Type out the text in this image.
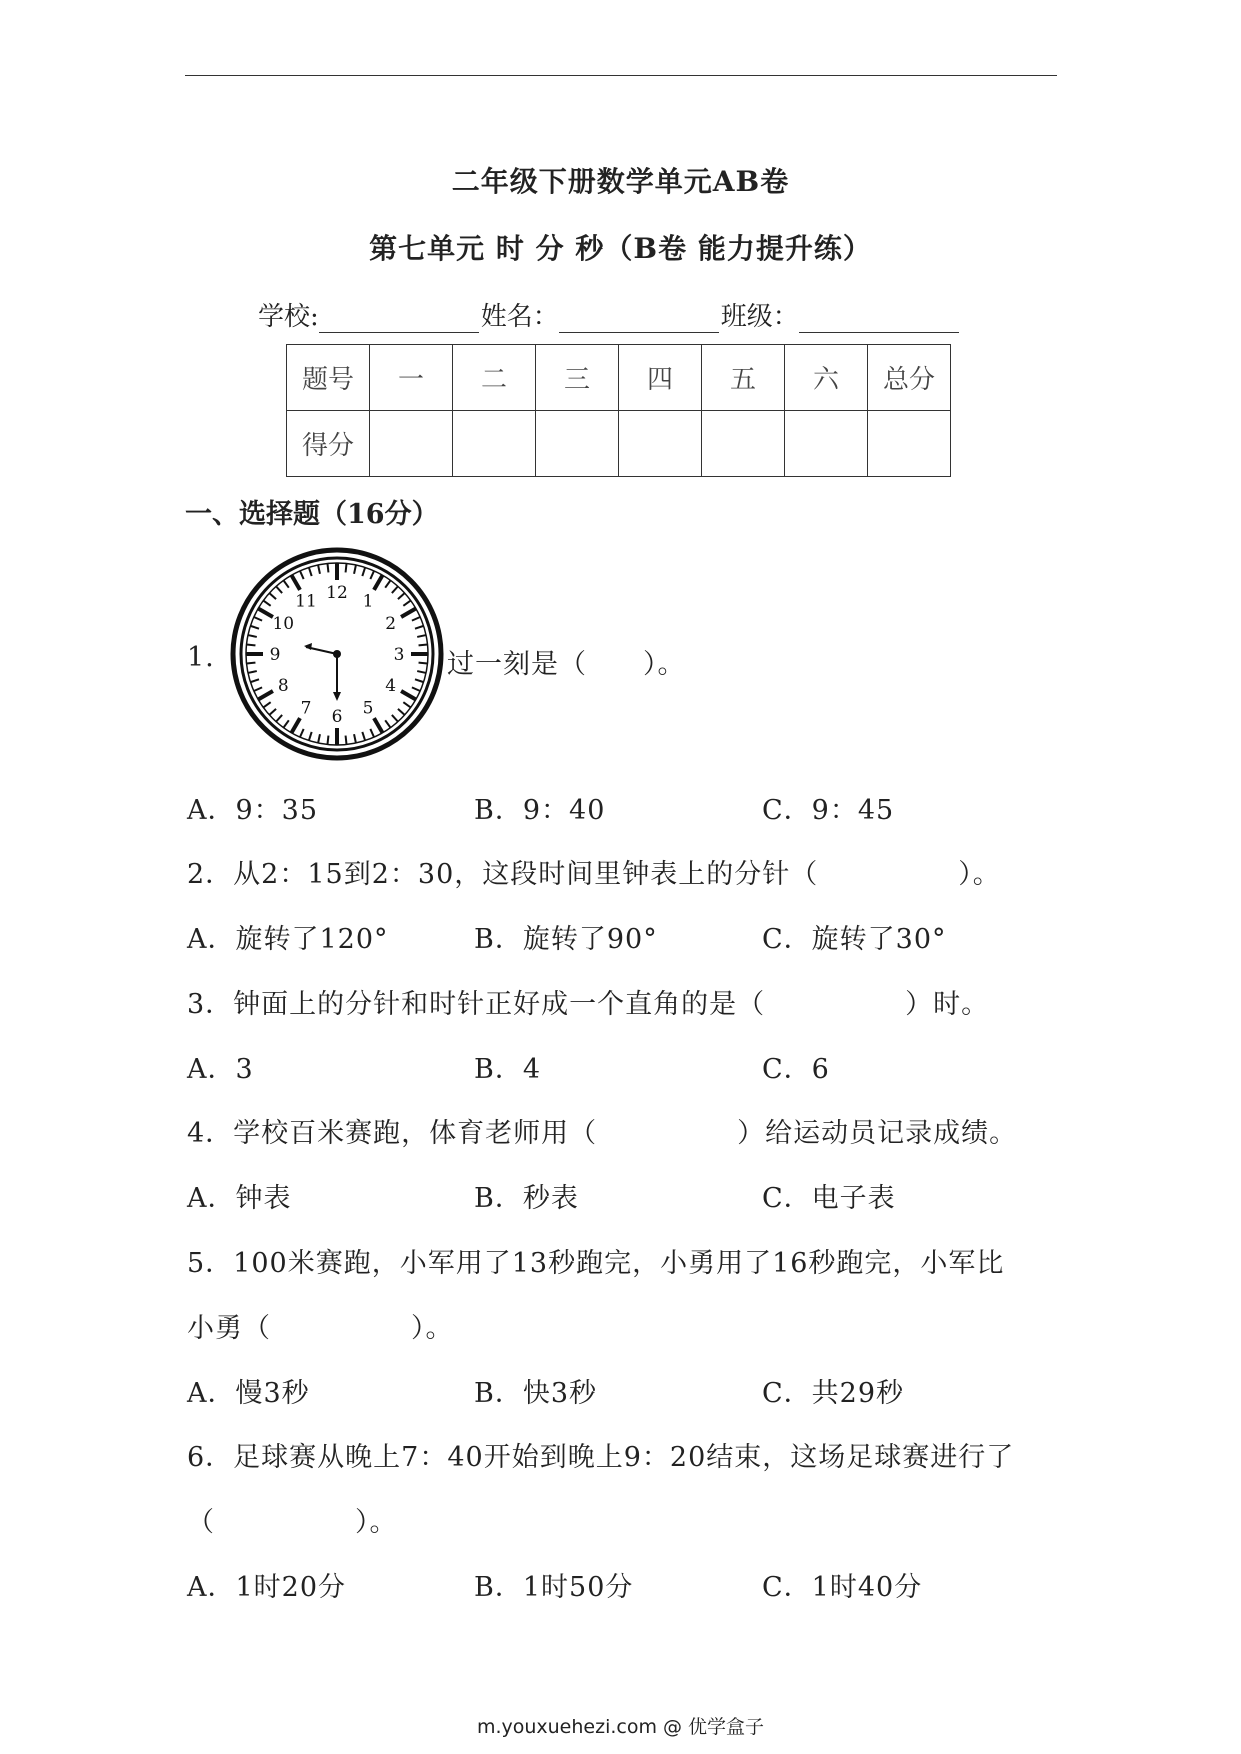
二年级下册数学单元AB卷
第七单元 时 分 秒（B卷 能力提升练）
学校:	姓名：	班级：
题号	一	二	三	四	五	六	总分
得分							
一、选择题（16分）
1.
12 1
2
3
4
5
6
7
8
9
10
11
过一刻是（　　）。
A．9：35	B．9：40	C．9：45
2．从2：15到2：30，这段时间里钟表上的分针（　　　　　）。
A．旋转了120°	B．旋转了90°	C．旋转了30°
3．钟面上的分针和时针正好成一个直角的是（　　　　　）时。
A．3	B．4	C．6
4．学校百米赛跑，体育老师用（　　　　　）给运动员记录成绩。
A．钟表	B．秒表	C．电子表
5．100米赛跑，小军用了13秒跑完，小勇用了16秒跑完，小军比
小勇（　　　　　）。
A．慢3秒	B．快3秒	C．共29秒
6．足球赛从晚上7：40开始到晚上9：20结束，这场足球赛进行了
（　　　　　）。
A．1时20分	B．1时50分	C．1时40分
m.youxuehezi.com @ 优学盒子
